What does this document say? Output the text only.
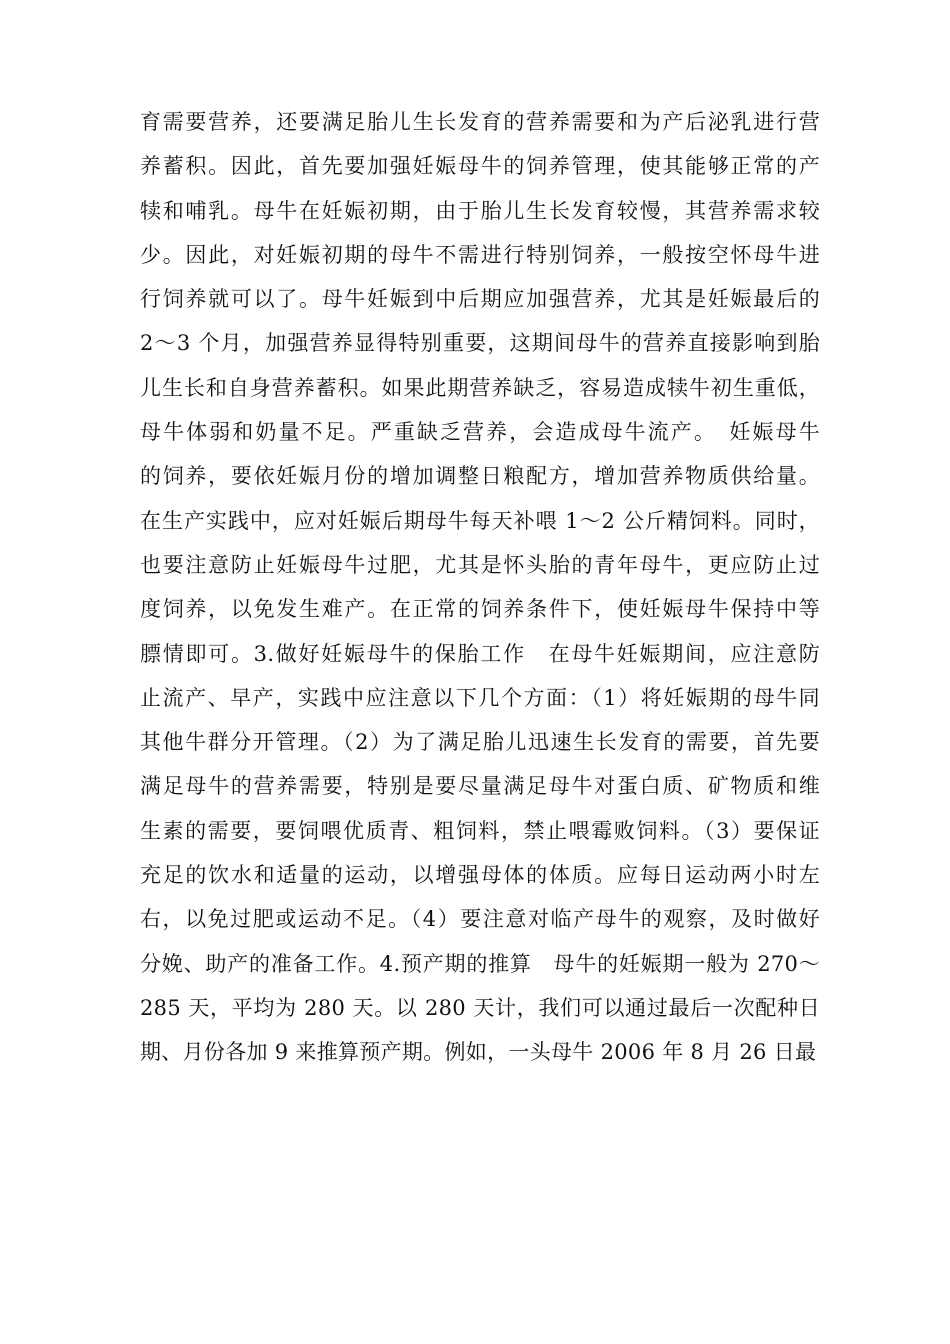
育需要营养，还要满足胎儿生长发育的营养需要和为产后泌乳进行营
养蓄积。因此，首先要加强妊娠母牛的饲养管理，使其能够正常的产
犊和哺乳。母牛在妊娠初期，由于胎儿生长发育较慢，其营养需求较
少。因此，对妊娠初期的母牛不需进行特别饲养，一般按空怀母牛进
行饲养就可以了。母牛妊娠到中后期应加强营养，尤其是妊娠最后的
2～3 个月，加强营养显得特别重要，这期间母牛的营养直接影响到胎
儿生长和自身营养蓄积。如果此期营养缺乏，容易造成犊牛初生重低，
母牛体弱和奶量不足。严重缺乏营养，会造成母牛流产。　妊娠母牛
的饲养，要依妊娠月份的增加调整日粮配方，增加营养物质供给量。
在生产实践中，应对妊娠后期母牛每天补喂 1～2 公斤精饲料。同时，
也要注意防止妊娠母牛过肥，尤其是怀头胎的青年母牛，更应防止过
度饲养，以免发生难产。在正常的饲养条件下，使妊娠母牛保持中等
膘情即可。3.做好妊娠母牛的保胎工作　在母牛妊娠期间，应注意防
止流产、早产，实践中应注意以下几个方面：（1）将妊娠期的母牛同
其他牛群分开管理。（2）为了满足胎儿迅速生长发育的需要，首先要
满足母牛的营养需要，特别是要尽量满足母牛对蛋白质、矿物质和维
生素的需要，要饲喂优质青、粗饲料，禁止喂霉败饲料。（3）要保证
充足的饮水和适量的运动，以增强母体的体质。应每日运动两小时左
右，以免过肥或运动不足。（4）要注意对临产母牛的观察，及时做好
分娩、助产的准备工作。4.预产期的推算　母牛的妊娠期一般为 270～
285 天，平均为 280 天。以 280 天计，我们可以通过最后一次配种日
期、月份各加 9 来推算预产期。例如，一头母牛 2006 年 8 月 26 日最
